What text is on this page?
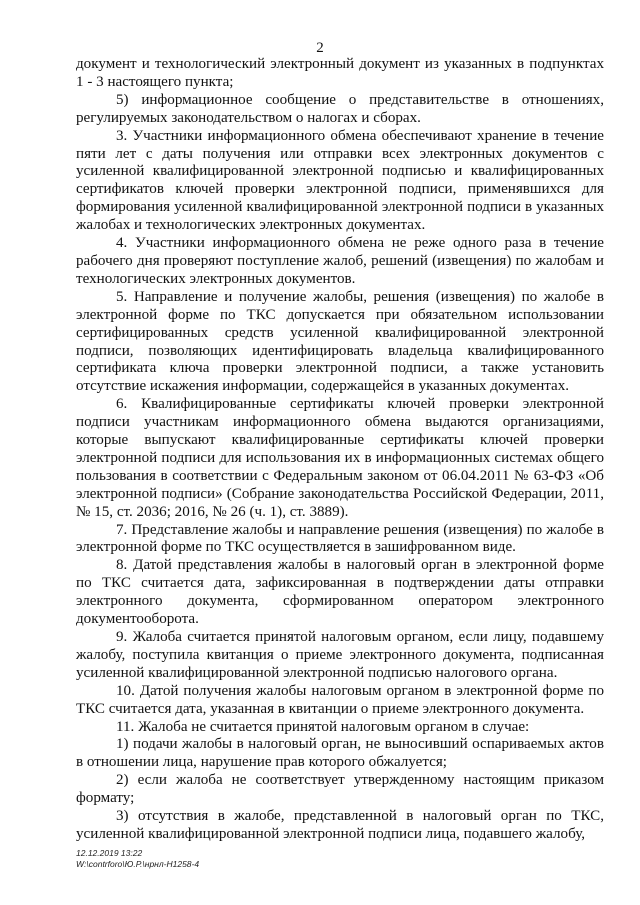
2

документ и технологический электронный документ из указанных в подпунктах 1 - 3 настоящего пункта;

5) информационное сообщение о представительстве в отношениях, регулируемых законодательством о налогах и сборах.

3. Участники информационного обмена обеспечивают хранение в течение пяти лет с даты получения или отправки всех электронных документов с усиленной квалифицированной электронной подписью и квалифицированных сертификатов ключей проверки электронной подписи, применявшихся для формирования усиленной квалифицированной электронной подписи в указанных жалобах и технологических электронных документах.

4. Участники информационного обмена не реже одного раза в течение рабочего дня проверяют поступление жалоб, решений (извещения) по жалобам и технологических электронных документов.

5. Направление и получение жалобы, решения (извещения) по жалобе в электронной форме по ТКС допускается при обязательном использовании сертифицированных средств усиленной квалифицированной электронной подписи, позволяющих идентифицировать владельца квалифицированного сертификата ключа проверки электронной подписи, а также установить отсутствие искажения информации, содержащейся в указанных документах.

6. Квалифицированные сертификаты ключей проверки электронной подписи участникам информационного обмена выдаются организациями, которые выпускают квалифицированные сертификаты ключей проверки электронной подписи для использования их в информационных системах общего пользования в соответствии с Федеральным законом от 06.04.2011 № 63-ФЗ «Об электронной подписи» (Собрание законодательства Российской Федерации, 2011, № 15, ст. 2036; 2016, № 26 (ч. 1), ст. 3889).

7. Представление жалобы и направление решения (извещения) по жалобе в электронной форме по ТКС осуществляется в зашифрованном виде.

8. Датой представления жалобы в налоговый орган в электронной форме по ТКС считается дата, зафиксированная в подтверждении даты отправки электронного документа, сформированном оператором электронного документооборота.

9. Жалоба считается принятой налоговым органом, если лицу, подавшему жалобу, поступила квитанция о приеме электронного документа, подписанная усиленной квалифицированной электронной подписью налогового органа.

10. Датой получения жалобы налоговым органом в электронной форме по ТКС считается дата, указанная в квитанции о приеме электронного документа.

11. Жалоба не считается принятой налоговым органом в случае:

1) подачи жалобы в налоговый орган, не выносивший оспариваемых актов в отношении лица, нарушение прав которого обжалуется;

2) если жалоба не соответствует утвержденному настоящим приказом формату;

3) отсутствия в жалобе, представленной в налоговый орган по ТКС, усиленной квалифицированной электронной подписи лица, подавшего жалобу,

12.12.2019 13:22
W:\contrforo\Ю.Р.\нрнл-Н1258-4
